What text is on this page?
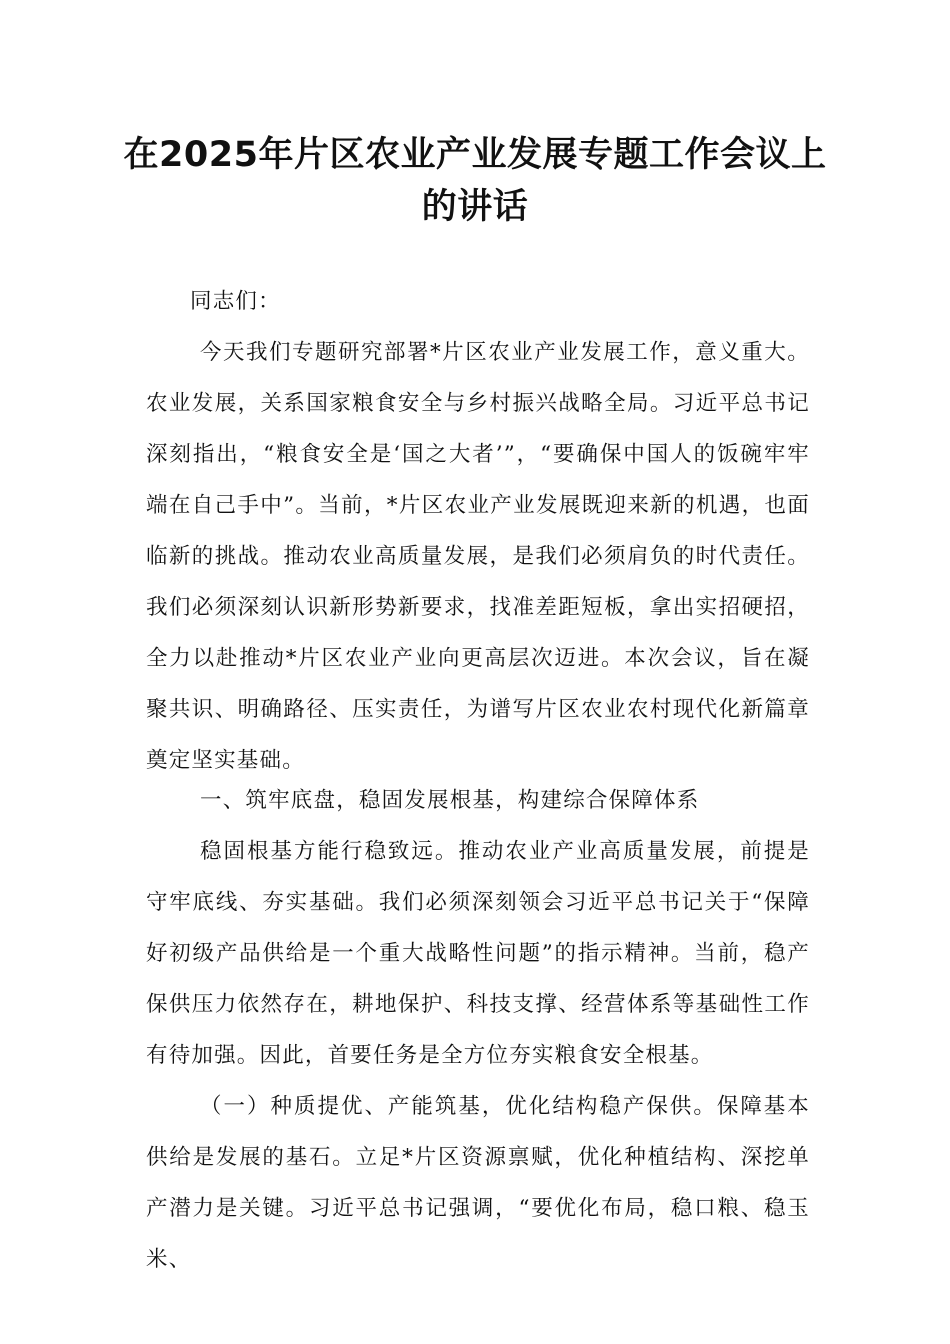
在2025年片区农业产业发展专题工作会议上的讲话

同志们：

今天我们专题研究部署*片区农业产业发展工作，意义重大。农业发展，关系国家粮食安全与乡村振兴战略全局。习近平总书记深刻指出，“粮食安全是‘国之大者’”，“要确保中国人的饭碗牢牢端在自己手中”。当前，*片区农业产业发展既迎来新的机遇，也面临新的挑战。推动农业高质量发展，是我们必须肩负的时代责任。我们必须深刻认识新形势新要求，找准差距短板，拿出实招硬招，全力以赴推动*片区农业产业向更高层次迈进。本次会议，旨在凝聚共识、明确路径、压实责任，为谱写片区农业农村现代化新篇章奠定坚实基础。

一、筑牢底盘，稳固发展根基，构建综合保障体系

稳固根基方能行稳致远。推动农业产业高质量发展，前提是守牢底线、夯实基础。我们必须深刻领会习近平总书记关于“保障好初级产品供给是一个重大战略性问题”的指示精神。当前，稳产保供压力依然存在，耕地保护、科技支撑、经营体系等基础性工作有待加强。因此，首要任务是全方位夯实粮食安全根基。

（一）种质提优、产能筑基，优化结构稳产保供。保障基本供给是发展的基石。立足*片区资源禀赋，优化种植结构、深挖单产潜力是关键。习近平总书记强调，“要优化布局，稳口粮、稳玉米、
